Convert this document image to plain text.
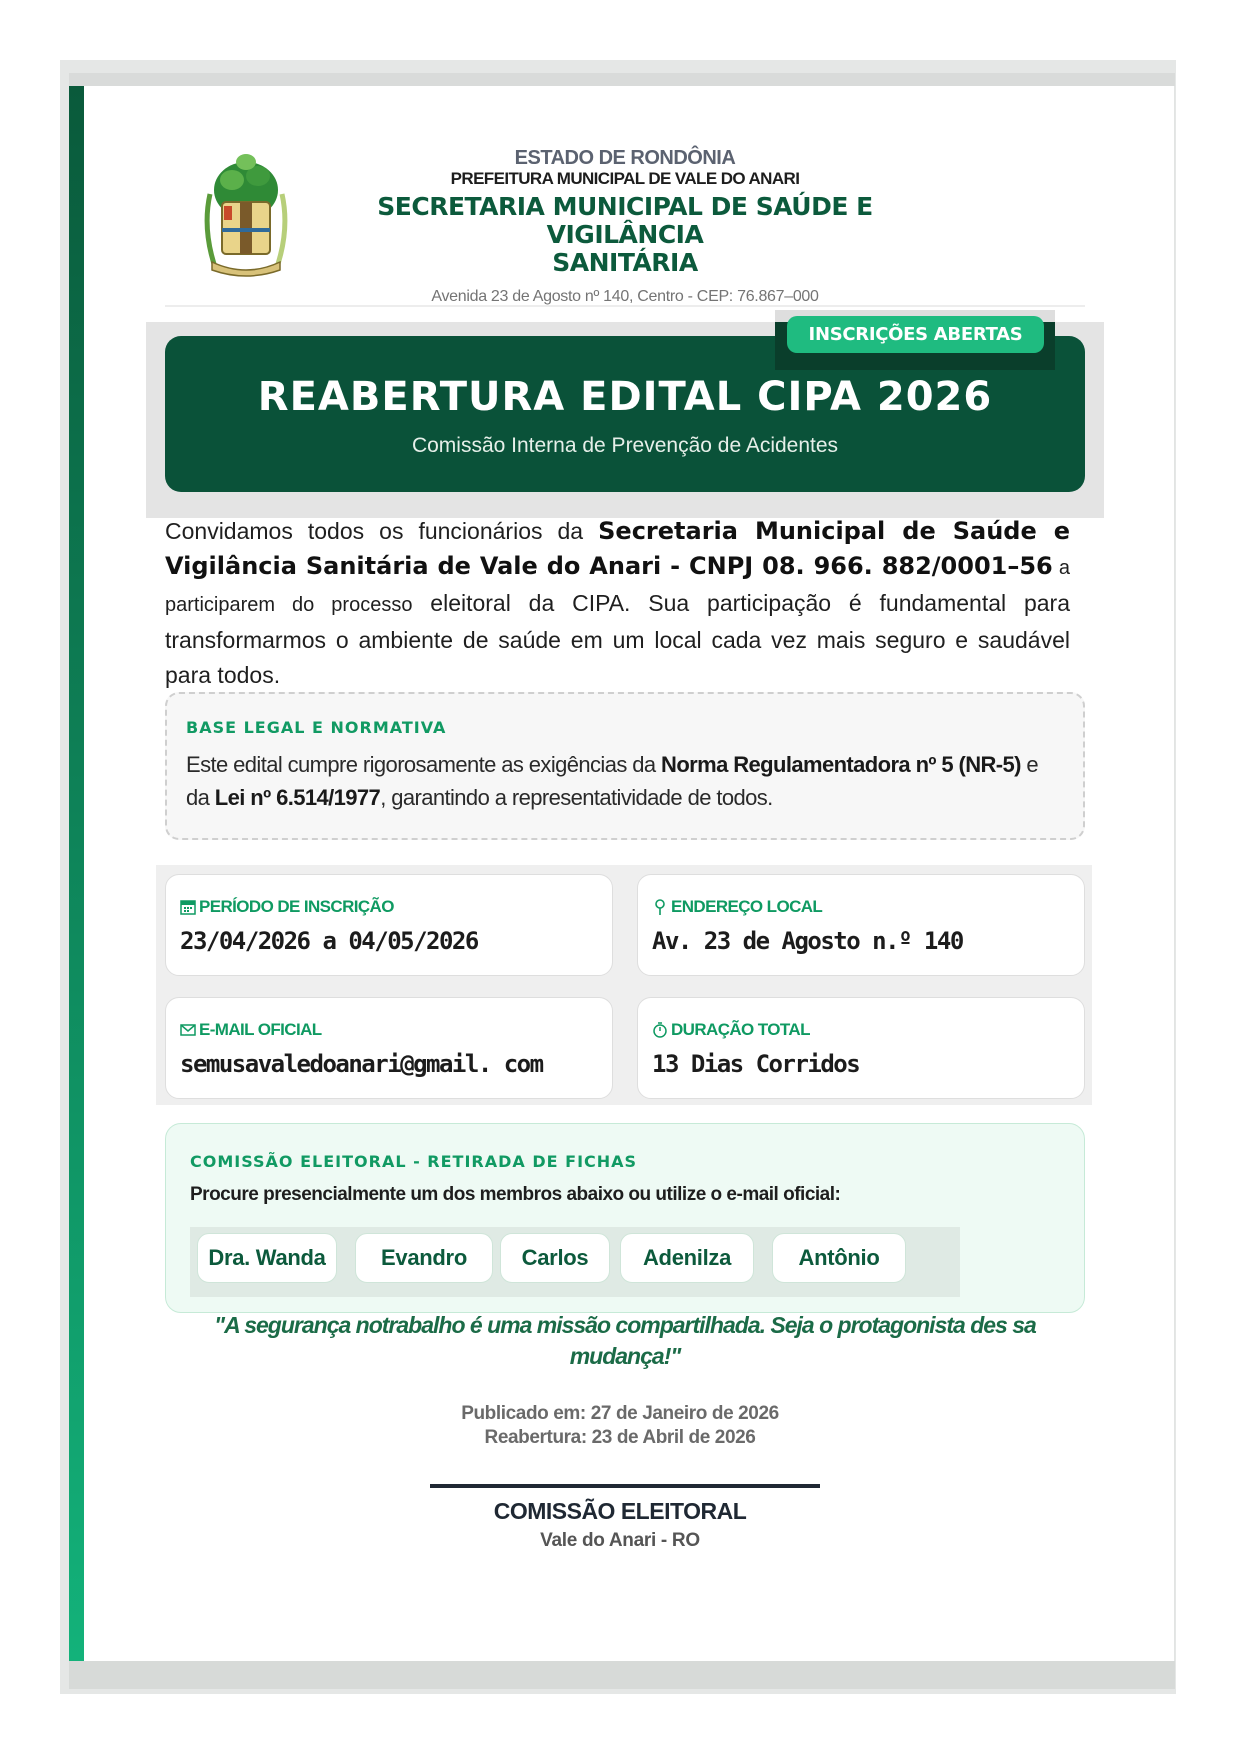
ESTADO DE RONDÔNIA
PREFEITURA MUNICIPAL DE VALE DO ANARI
SECRETARIA MUNICIPAL DE SAÚDE E VIGILÂNCIA
SANITÁRIA
Avenida 23 de Agosto nº 140, Centro - CEP: 76.867–000
REABERTURA EDITAL CIPA 2026
Comissão Interna de Prevenção de Acidentes
INSCRIÇÕES ABERTAS
Convidamos todos os funcionários da Secretaria Municipal de Saúde e Vigilância Sanitária de Vale do Anari - CNPJ 08. 966. 882/0001–56 a participarem do processo eleitoral da CIPA. Sua participação é fundamental para transformarmos o ambiente de saúde em um local cada vez mais seguro e saudável para todos.
BASE LEGAL E NORMATIVA
Este edital cumpre rigorosamente as exigências da Norma Regulamentadora nº 5 (NR-5) e da Lei nº 6.514/1977, garantindo a representatividade de todos.
PERÍODO DE INSCRIÇÃO
23/04/2026 a 04/05/2026
ENDEREÇO LOCAL
Av. 23 de Agosto n.º 140
E-MAIL OFICIAL
semusavaledoanari@gmail. com
DURAÇÃO TOTAL
13 Dias Corridos
COMISSÃO ELEITORAL - RETIRADA DE FICHAS
Procure presencialmente um dos membros abaixo ou utilize o e-mail oficial:
Dra. Wanda	Evandro	Carlos	Adenilza	Antônio
"A segurança notrabalho é uma missão compartilhada. Seja o protagonista des sa mudança!"
Publicado em: 27 de Janeiro de 2026
Reabertura: 23 de Abril de 2026
COMISSÃO ELEITORAL
Vale do Anari - RO
